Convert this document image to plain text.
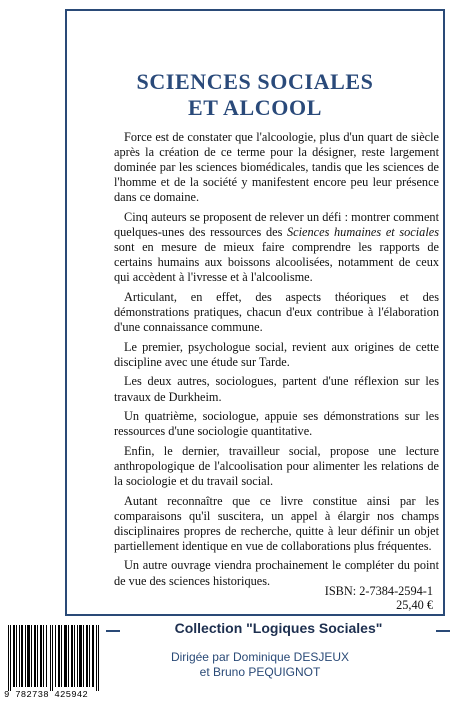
SCIENCES SOCIALES
ET ALCOOL

Force est de constater que l'alcoologie, plus d'un quart de siècle après la création de ce terme pour la désigner, reste largement dominée par les sciences biomédicales, tandis que les sciences de l'homme et de la société y manifestent encore peu leur présence dans ce domaine.

Cinq auteurs se proposent de relever un défi : montrer comment quelques-unes des ressources des Sciences humaines et sociales sont en mesure de mieux faire comprendre les rapports de certains humains aux boissons alcoolisées, notamment de ceux qui accèdent à l'ivresse et à l'alcoolisme.

Articulant, en effet, des aspects théoriques et des démonstrations pratiques, chacun d'eux contribue à l'élaboration d'une connaissance commune.

Le premier, psychologue social, revient aux origines de cette discipline avec une étude sur Tarde.

Les deux autres, sociologues, partent d'une réflexion sur les travaux de Durkheim.

Un quatrième, sociologue, appuie ses démonstrations sur les ressources d'une sociologie quantitative.

Enfin, le dernier, travailleur social, propose une lecture anthropologique de l'alcoolisation pour alimenter les relations de la sociologie et du travail social.

Autant reconnaître que ce livre constitue ainsi par les comparaisons qu'il suscitera, un appel à élargir nos champs disciplinaires propres de recherche, quitte à leur définir un objet partiellement identique en vue de collaborations plus fréquentes.

Un autre ouvrage viendra prochainement le compléter du point de vue des sciences historiques.

ISBN: 2-7384-2594-1

25,40 €

Collection "Logiques Sociales"
Dirigée par Dominique DESJEUX
et Bruno PEQUIGNOT
9 782738 425942
